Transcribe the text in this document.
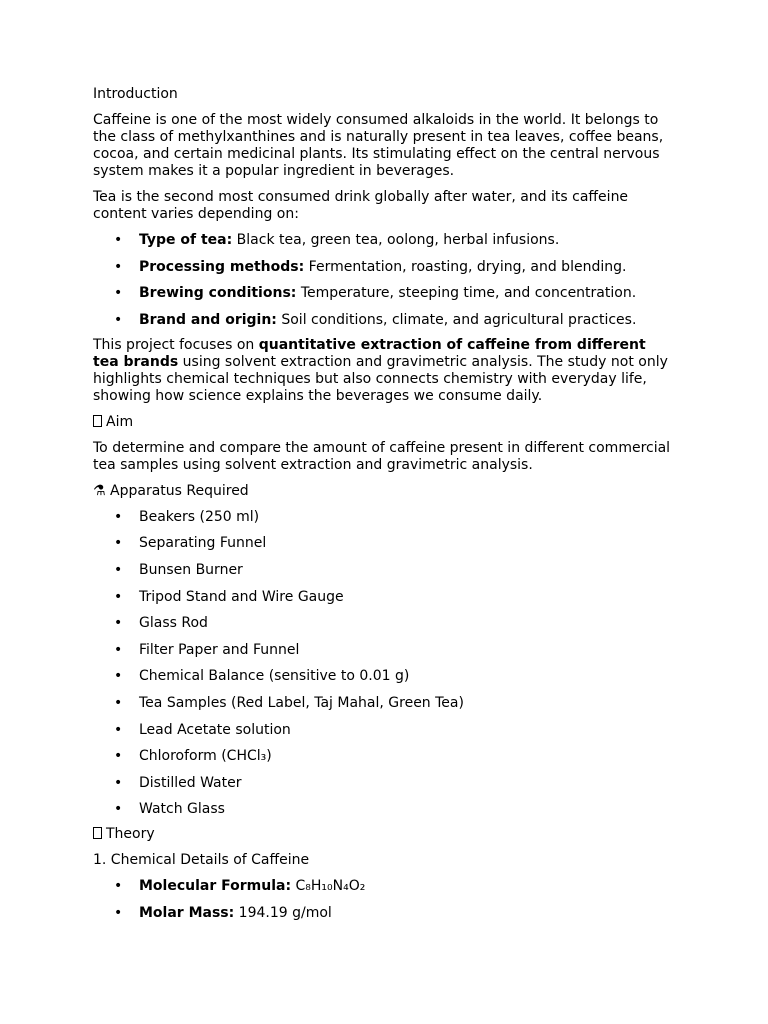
Introduction

Caffeine is one of the most widely consumed alkaloids in the world. It belongs to the class of methylxanthines and is naturally present in tea leaves, coffee beans, cocoa, and certain medicinal plants. Its stimulating effect on the central nervous system makes it a popular ingredient in beverages.

Tea is the second most consumed drink globally after water, and its caffeine content varies depending on:

• Type of tea: Black tea, green tea, oolong, herbal infusions.
• Processing methods: Fermentation, roasting, drying, and blending.
• Brewing conditions: Temperature, steeping time, and concentration.
• Brand and origin: Soil conditions, climate, and agricultural practices.

This project focuses on quantitative extraction of caffeine from different tea brands using solvent extraction and gravimetric analysis. The study not only highlights chemical techniques but also connects chemistry with everyday life, showing how science explains the beverages we consume daily.

Aim

To determine and compare the amount of caffeine present in different commercial tea samples using solvent extraction and gravimetric analysis.

⚗ Apparatus Required

• Beakers (250 ml)
• Separating Funnel
• Bunsen Burner
• Tripod Stand and Wire Gauge
• Glass Rod
• Filter Paper and Funnel
• Chemical Balance (sensitive to 0.01 g)
• Tea Samples (Red Label, Taj Mahal, Green Tea)
• Lead Acetate solution
• Chloroform (CHCl₃)
• Distilled Water
• Watch Glass

Theory

1. Chemical Details of Caffeine

• Molecular Formula: C₈H₁₀N₄O₂
• Molar Mass: 194.19 g/mol
